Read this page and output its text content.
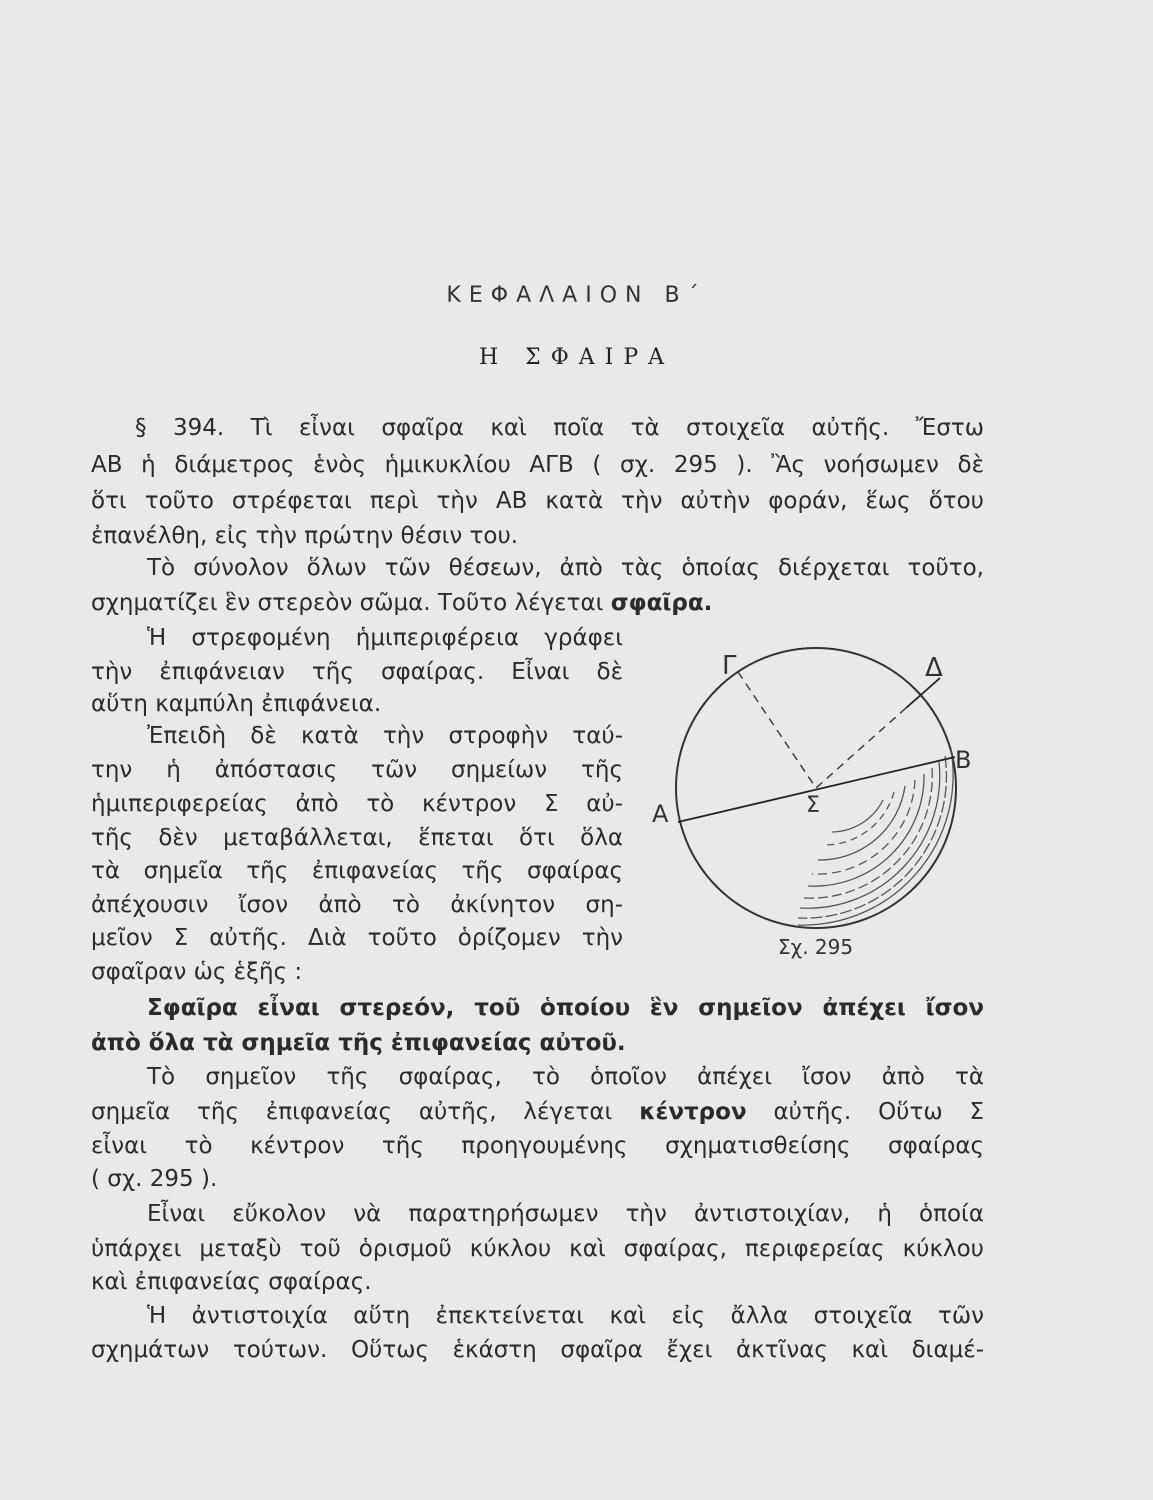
ΚΕΦΑΛΑΙΟΝ Β΄
Η ΣΦΑΙΡΑ
§ 394. Τὶ εἶναι σφαῖρα καὶ ποῖα τὰ στοιχεῖα αὐτῆς. Ἔστω
ΑΒ ἡ διάμετρος ἑνὸς ἡμικυκλίου ΑΓΒ ( σχ. 295 ). Ἂς νοήσωμεν δὲ
ὅτι τοῦτο στρέφεται περὶ τὴν ΑΒ κατὰ τὴν αὐτὴν φοράν, ἕως ὅτου
ἐπανέλθη, εἰς τὴν πρώτην θέσιν του.
Τὸ σύνολον ὅλων τῶν θέσεων, ἀπὸ τὰς ὁποίας διέρχεται τοῦτο,
σχηματίζει ἓν στερεὸν σῶμα. Τοῦτο λέγεται σφαῖρα.
Ἡ στρεφομένη ἡμιπεριφέρεια γράφει
τὴν ἐπιφάνειαν τῆς σφαίρας. Εἶναι δὲ
αὕτη καμπύλη ἐπιφάνεια.
Ἐπειδὴ δὲ κατὰ τὴν στροφὴν ταύ-
την ἡ ἀπόστασις τῶν σημείων τῆς
ἡμιπεριφερείας ἀπὸ τὸ κέντρον Σ αὐ-
τῆς δὲν μεταβάλλεται, ἕπεται ὅτι ὅλα
τὰ σημεῖα τῆς ἐπιφανείας τῆς σφαίρας
ἀπέχουσιν ἴσον ἀπὸ τὸ ἀκίνητον ση-
μεῖον Σ αὐτῆς. Διὰ τοῦτο ὁρίζομεν τὴν
σφαῖραν ὡς ἑξῆς :
Σφαῖρα εἶναι στερεόν, τοῦ ὁποίου ἓν σημεῖον ἀπέχει ἴσον
ἀπὸ ὅλα τὰ σημεῖα τῆς ἐπιφανείας αὐτοῦ.
Τὸ σημεῖον τῆς σφαίρας, τὸ ὁποῖον ἀπέχει ἴσον ἀπὸ τὰ
σημεῖα τῆς ἐπιφανείας αὐτῆς, λέγεται κέντρον αὐτῆς. Οὕτω Σ
εἶναι τὸ κέντρον τῆς προηγουμένης σχηματισθείσης σφαίρας
( σχ. 295 ).
Εἶναι εὔκολον νὰ παρατηρήσωμεν τὴν ἀντιστοιχίαν, ἡ ὁποία
ὑπάρχει μεταξὺ τοῦ ὁρισμοῦ κύκλου καὶ σφαίρας, περιφερείας κύκλου
καὶ ἐπιφανείας σφαίρας.
Ἡ ἀντιστοιχία αὕτη ἐπεκτείνεται καὶ εἰς ἄλλα στοιχεῖα τῶν
σχημάτων τούτων. Οὕτως ἑκάστη σφαῖρα ἔχει ἀκτῖνας καὶ διαμέ-
Γ	Δ
Β
Α	Σ
Σχ. 295
